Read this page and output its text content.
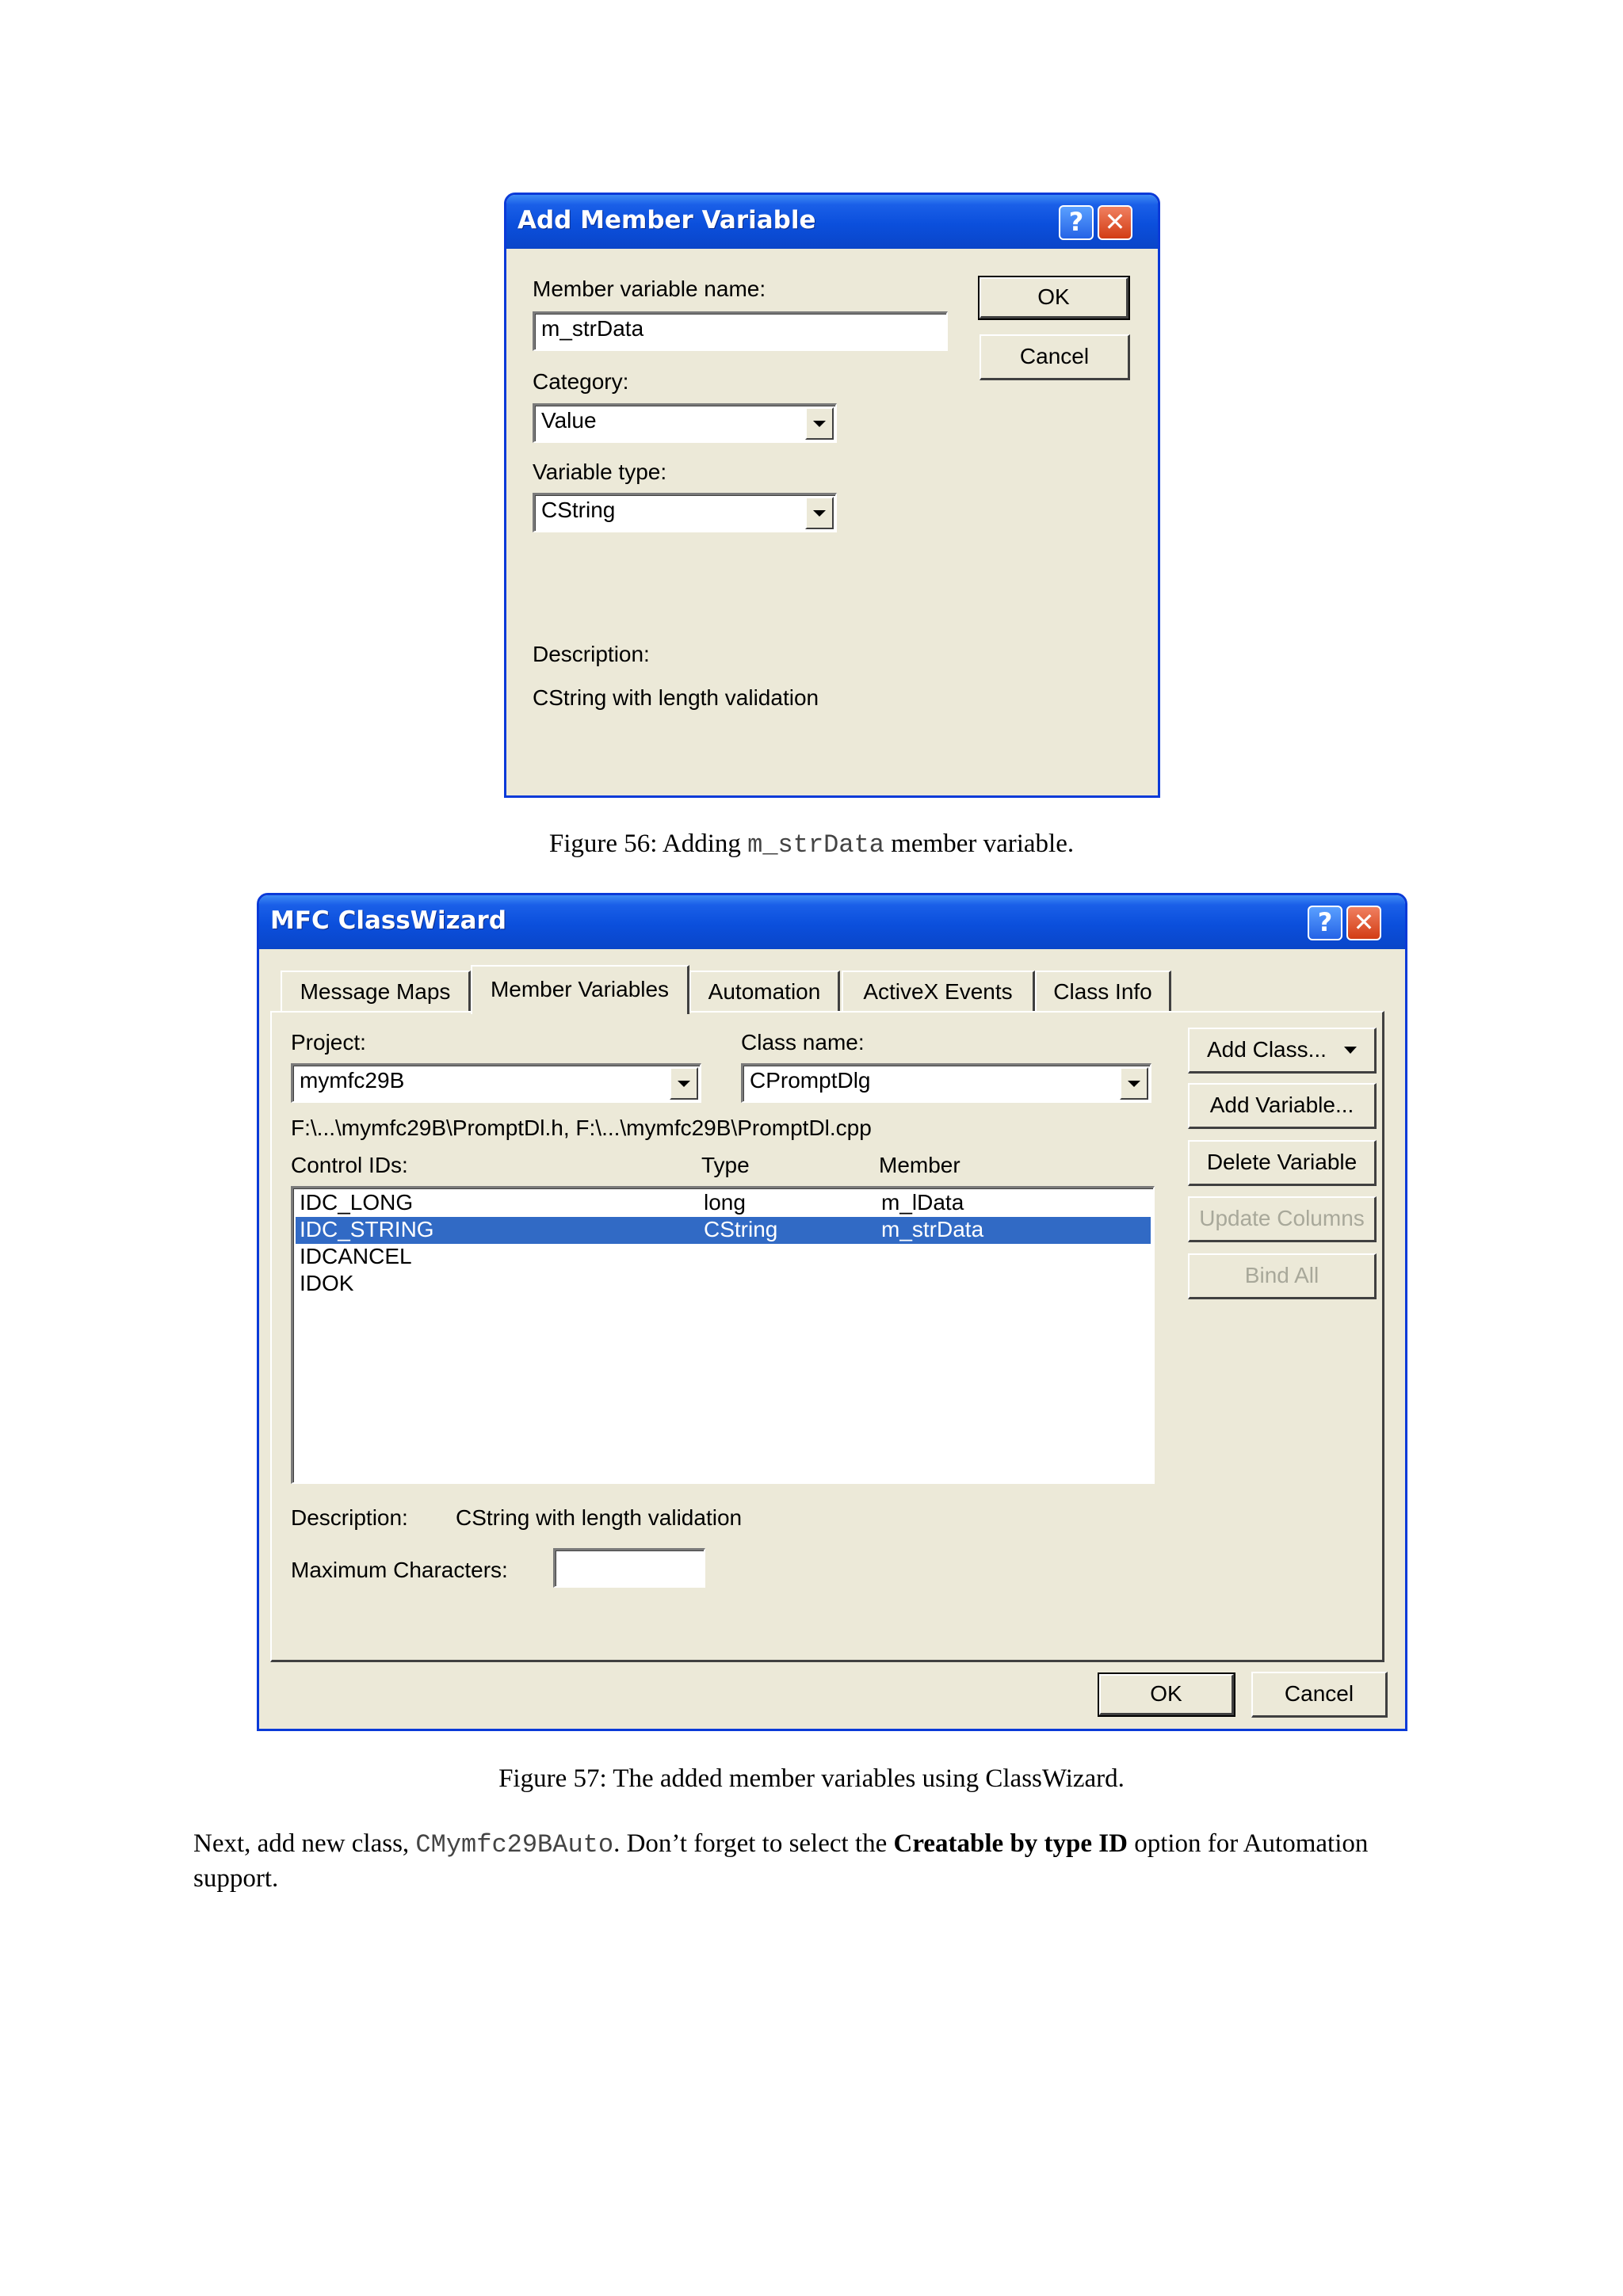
Add Member Variable	? ✕
Member variable name:
m_strData
Category:
Value
Variable type:
CString
Description:
CString with length validation
OK
Cancel
Figure 56: Adding m_strData member variable.
MFC ClassWizard	? ✕
Message Maps	Member Variables	Automation	ActiveX Events	Class Info
Project:
mymfc29B
Class name:
CPromptDlg
F:\...\mymfc29B\PromptDl.h, F:\...\mymfc29B\PromptDl.cpp
Control IDs:	Type	Member
IDC_LONG	long	m_lData
IDC_STRING	CString	m_strData
IDCANCEL
IDOK
Description: CString with length validation
Maximum Characters:
Add Class...
Add Variable...
Delete Variable
Update Columns
Bind All
OK	Cancel
Figure 57: The added member variables using ClassWizard.
Next, add new class, CMymfc29BAuto. Don’t forget to select the Creatable by type ID option for Automation support.
